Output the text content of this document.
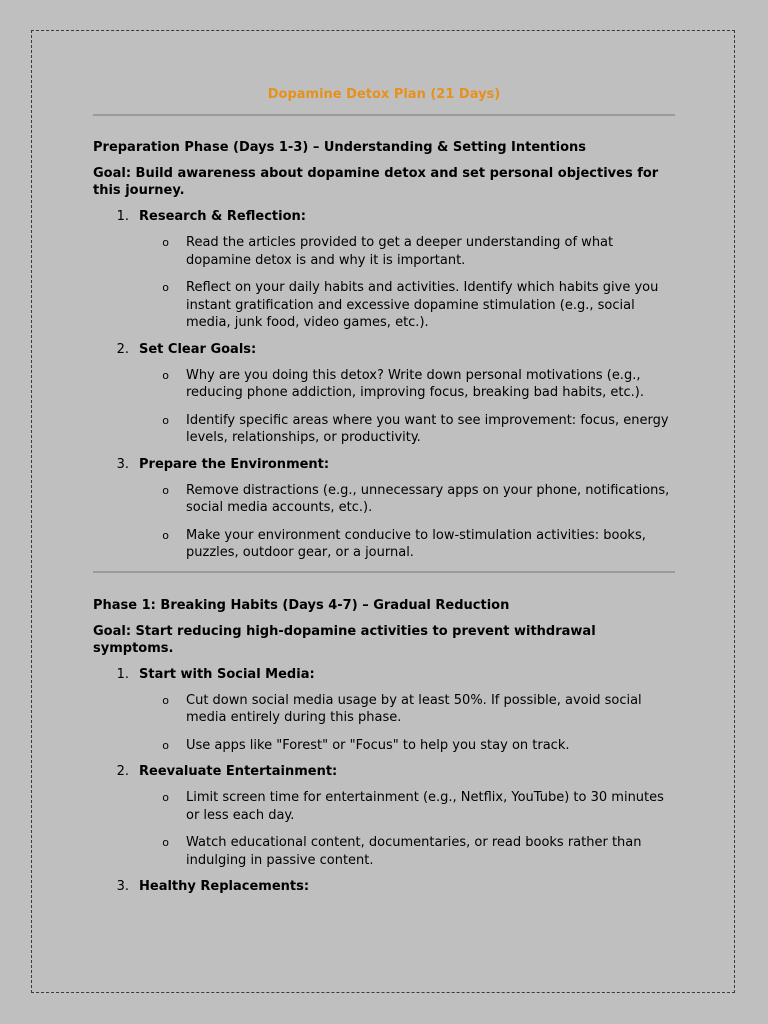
Dopamine Detox Plan (21 Days)
Preparation Phase (Days 1-3) – Understanding & Setting Intentions

Goal: Build awareness about dopamine detox and set personal objectives for this journey.

1. Research & Reflection:
o	Read the articles provided to get a deeper understanding of what dopamine detox is and why it is important.
o	Reflect on your daily habits and activities. Identify which habits give you instant gratification and excessive dopamine stimulation (e.g., social media, junk food, video games, etc.).
2. Set Clear Goals:
o	Why are you doing this detox? Write down personal motivations (e.g., reducing phone addiction, improving focus, breaking bad habits, etc.).
o	Identify specific areas where you want to see improvement: focus, energy levels, relationships, or productivity.
3. Prepare the Environment:
o	Remove distractions (e.g., unnecessary apps on your phone, notifications, social media accounts, etc.).
o	Make your environment conducive to low-stimulation activities: books, puzzles, outdoor gear, or a journal.
Phase 1: Breaking Habits (Days 4-7) – Gradual Reduction

Goal: Start reducing high-dopamine activities to prevent withdrawal symptoms.

1. Start with Social Media:
o	Cut down social media usage by at least 50%. If possible, avoid social media entirely during this phase.
o	Use apps like "Forest" or "Focus" to help you stay on track.
2. Reevaluate Entertainment:
o	Limit screen time for entertainment (e.g., Netflix, YouTube) to 30 minutes or less each day.
o	Watch educational content, documentaries, or read books rather than indulging in passive content.
3. Healthy Replacements:
